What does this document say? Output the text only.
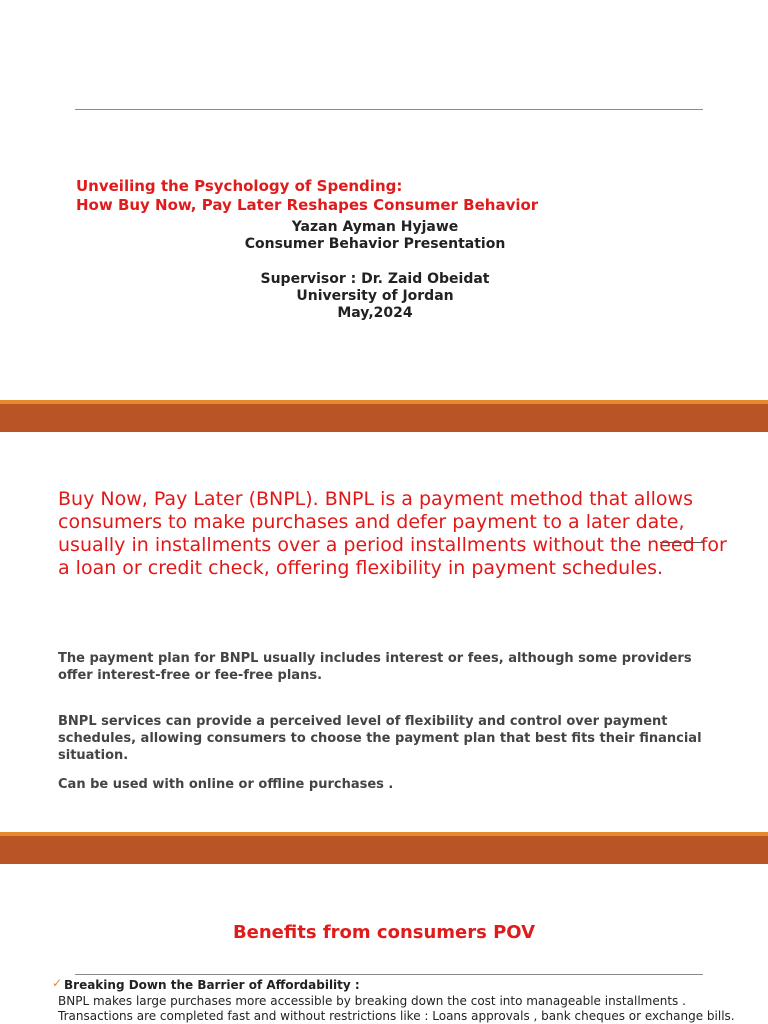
Unveiling the Psychology of Spending:
How Buy Now, Pay Later Reshapes Consumer Behavior
Yazan Ayman Hyjawe
Consumer Behavior Presentation
Supervisor : Dr. Zaid Obeidat
University of Jordan
May,2024
Buy Now, Pay Later (BNPL). BNPL is a payment method that allows consumers to make purchases and defer payment to a later date, usually in installments over a period installments without the need for a loan or credit check, offering flexibility in payment schedules.
The payment plan for BNPL usually includes interest or fees, although some providers offer interest-free or fee-free plans.
BNPL services can provide a perceived level of flexibility and control over payment schedules, allowing consumers to choose the payment plan that best fits their financial situation.
Can be used with online or offline purchases .
Benefits from consumers POV
✓ Breaking Down the Barrier of Affordability :
BNPL makes large purchases more accessible by breaking down the cost into manageable installments .
Transactions are completed fast and without restrictions like : Loans approvals , bank cheques or exchange bills.
